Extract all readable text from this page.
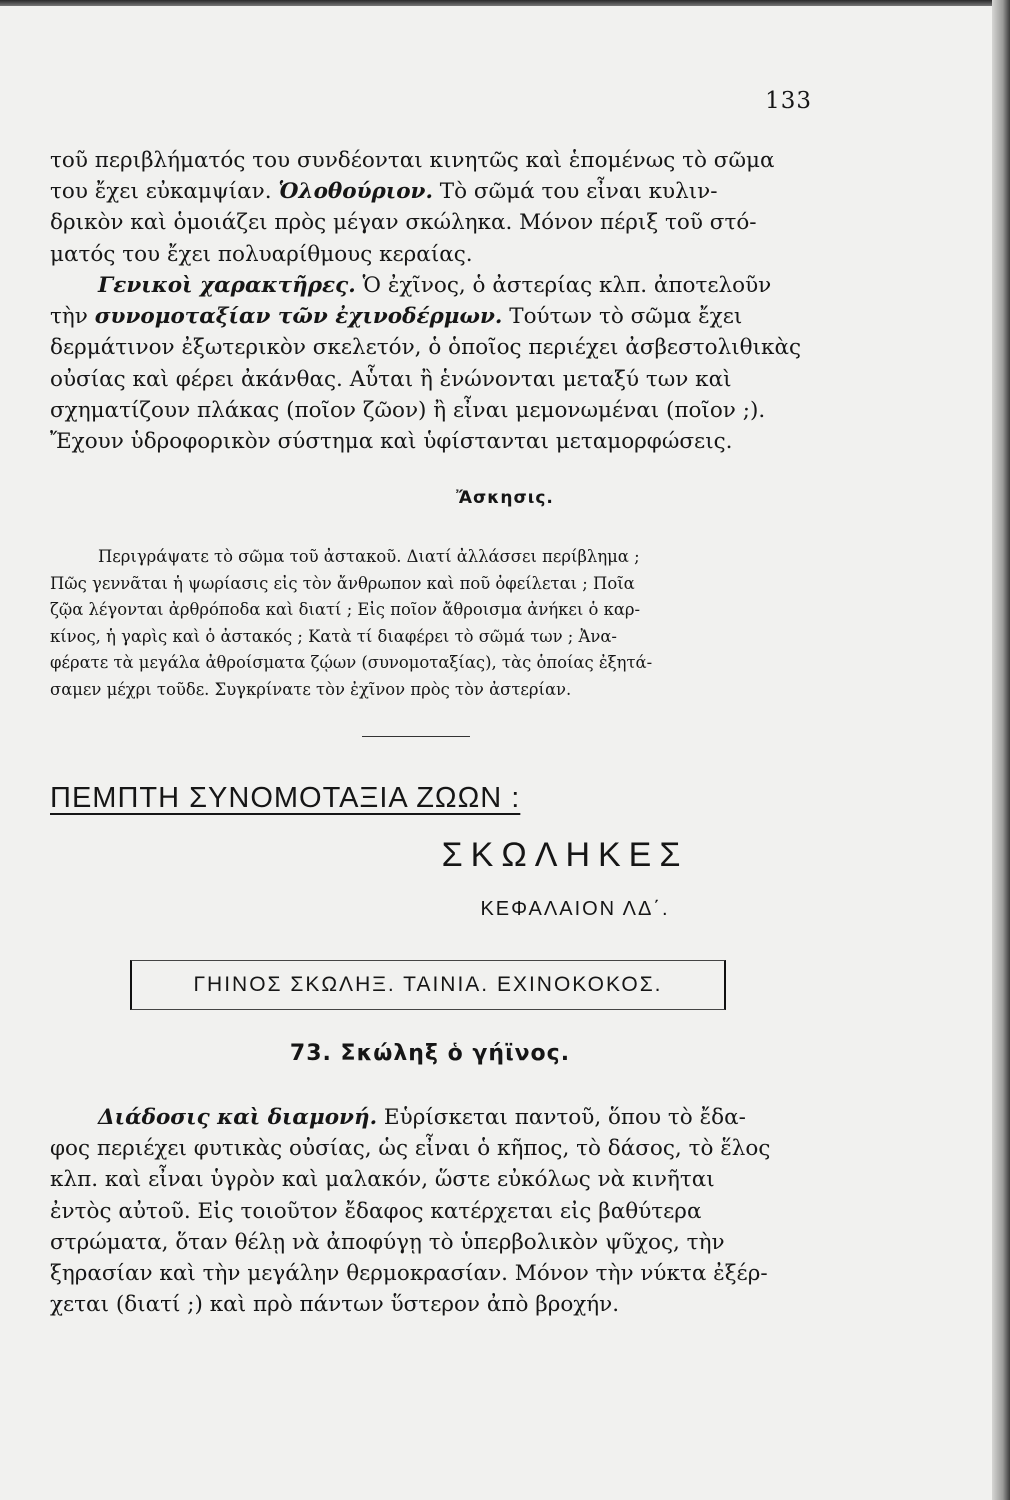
133

τοῦ περιβλήματός του συνδέονται κινητῶς καὶ ἑπομένως τὸ σῶμα

του ἔχει εὐκαμψίαν. Ὁλοθούριον. Τὸ σῶμά του εἶναι κυλιν-

δρικὸν καὶ ὁμοιάζει πρὸς μέγαν σκώληκα. Μόνον πέριξ τοῦ στό-

ματός του ἔχει πολυαρίθμους κεραίας.

Γενικοὶ χαρακτῆρες. Ὁ ἐχῖνος, ὁ ἀστερίας κλπ. ἀποτελοῦν

τὴν συνομοταξίαν τῶν ἐχινοδέρμων. Τούτων τὸ σῶμα ἔχει

δερμάτινον ἐξωτερικὸν σκελετόν, ὁ ὁποῖος περιέχει ἀσβεστολιθικὰς

οὐσίας καὶ φέρει ἀκάνθας. Αὗται ἢ ἑνώνονται μεταξύ των καὶ

σχηματίζουν πλάκας (ποῖον ζῶον) ἢ εἶναι μεμονωμέναι (ποῖον ;).

Ἔχουν ὑδροφορικὸν σύστημα καὶ ὑφίστανται μεταμορφώσεις.

Ἄσκησις.

Περιγράψατε τὸ σῶμα τοῦ ἀστακοῦ. Διατί ἀλλάσσει περίβλημα ;

Πῶς γεννᾶται ἡ ψωρίασις εἰς τὸν ἄνθρωπον καὶ ποῦ ὀφείλεται ; Ποῖα

ζῷα λέγονται ἀρθρόποδα καὶ διατί ; Εἰς ποῖον ἄθροισμα ἀνήκει ὁ καρ-

κίνος, ἡ γαρὶς καὶ ὁ ἀστακός ; Κατὰ τί διαφέρει τὸ σῶμά των ; Ἀνα-

φέρατε τὰ μεγάλα ἀθροίσματα ζῴων (συνομοταξίας), τὰς ὁποίας ἐξητά-

σαμεν μέχρι τοῦδε. Συγκρίνατε τὸν ἐχῖνον πρὸς τὸν ἀστερίαν.

ΠΕΜΠΤΗ ΣΥΝΟΜΟΤΑΞΙΑ ΖΩΩΝ :
ΣΚΩΛΗΚΕΣ
ΚΕΦΑΛΑΙΟΝ ΛΔ΄.
ΓΗΙΝΟΣ ΣΚΩΛΗΞ. ΤΑΙΝΙΑ. ΕΧΙΝΟΚΟΚΟΣ.
73. Σκώληξ ὁ γήϊνος.

Διάδοσις καὶ διαμονή. Εὑρίσκεται παντοῦ, ὅπου τὸ ἔδα-

φος περιέχει φυτικὰς οὐσίας, ὡς εἶναι ὁ κῆπος, τὸ δάσος, τὸ ἕλος

κλπ. καὶ εἶναι ὑγρὸν καὶ μαλακόν, ὥστε εὐκόλως νὰ κινῆται

ἐντὸς αὐτοῦ. Εἰς τοιοῦτον ἔδαφος κατέρχεται εἰς βαθύτερα

στρώματα, ὅταν θέλῃ νὰ ἀποφύγῃ τὸ ὑπερβολικὸν ψῦχος, τὴν

ξηρασίαν καὶ τὴν μεγάλην θερμοκρασίαν. Μόνον τὴν νύκτα ἐξέρ-

χεται (διατί ;) καὶ πρὸ πάντων ὕστερον ἀπὸ βροχήν.
